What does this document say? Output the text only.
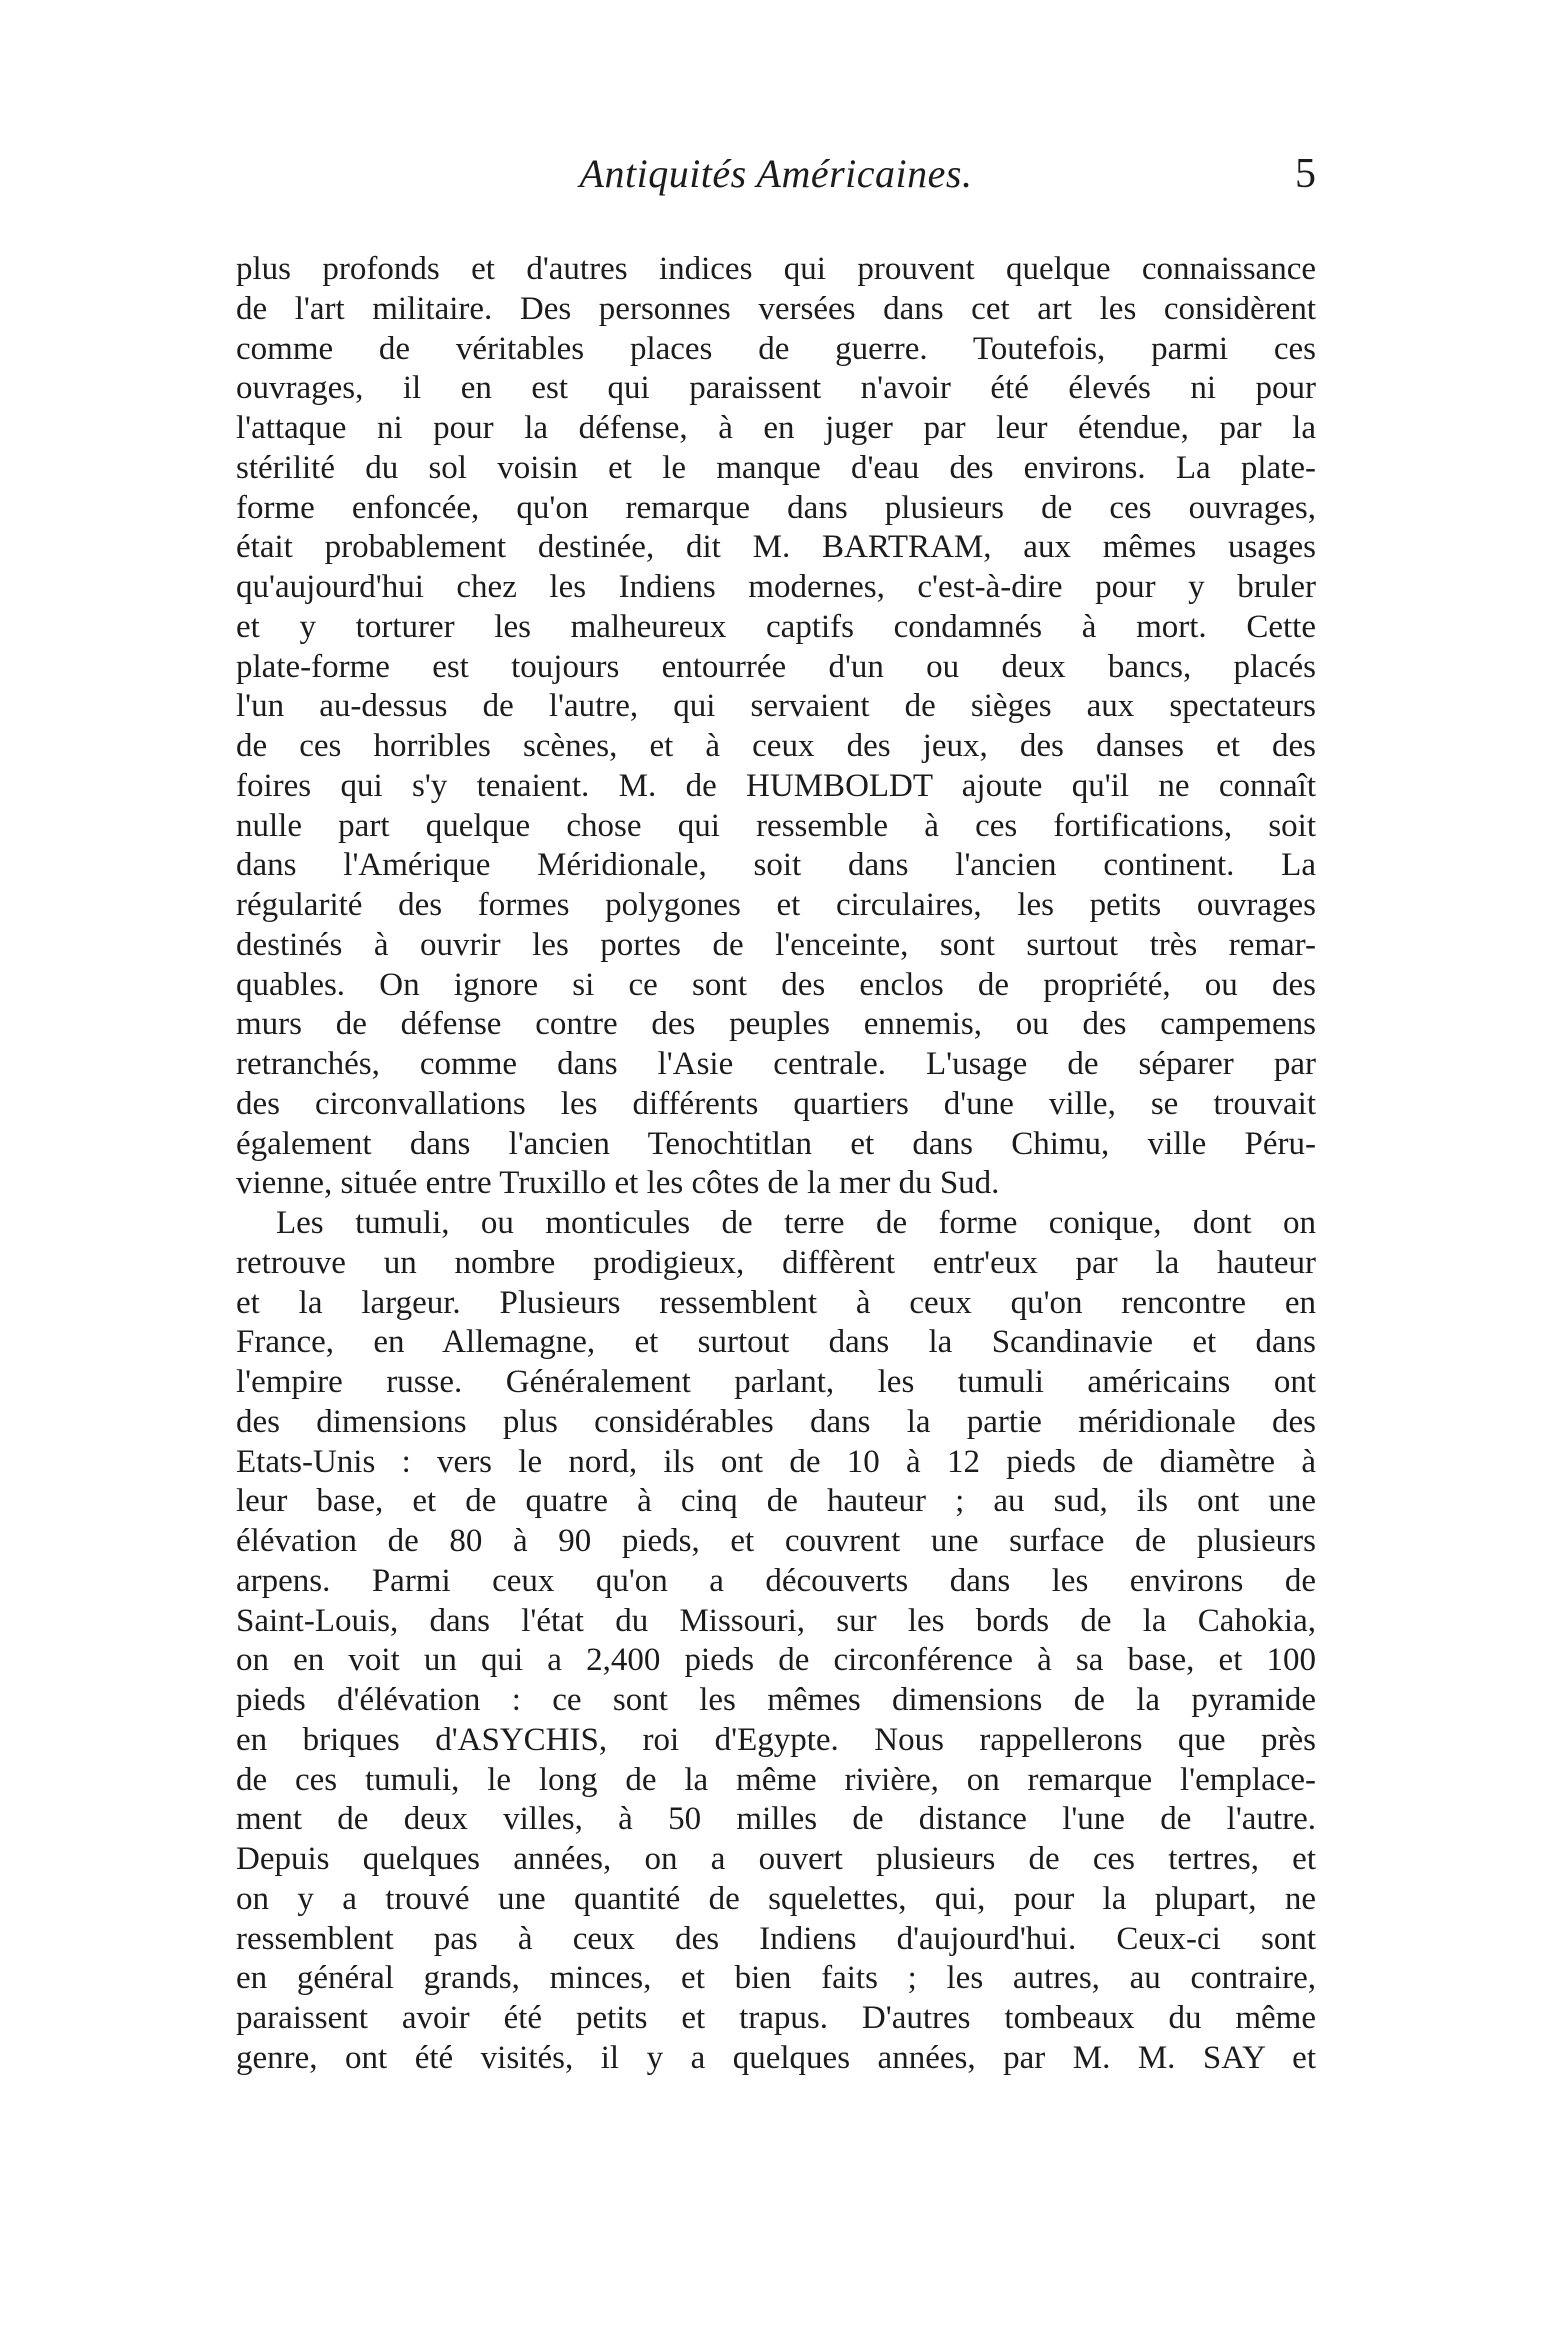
Antiquités Américaines.	5
plus profonds et d'autres indices qui prouvent quelque connaissance
de l'art militaire. Des personnes versées dans cet art les considèrent
comme de véritables places de guerre. Toutefois, parmi ces
ouvrages, il en est qui paraissent n'avoir été élevés ni pour
l'attaque ni pour la défense, à en juger par leur étendue, par la
stérilité du sol voisin et le manque d'eau des environs. La plate-
forme enfoncée, qu'on remarque dans plusieurs de ces ouvrages,
était probablement destinée, dit M. BARTRAM, aux mêmes usages
qu'aujourd'hui chez les Indiens modernes, c'est-à-dire pour y bruler
et y torturer les malheureux captifs condamnés à mort. Cette
plate-forme est toujours entourrée d'un ou deux bancs, placés
l'un au-dessus de l'autre, qui servaient de sièges aux spectateurs
de ces horribles scènes, et à ceux des jeux, des danses et des
foires qui s'y tenaient. M. de HUMBOLDT ajoute qu'il ne connaît
nulle part quelque chose qui ressemble à ces fortifications, soit
dans l'Amérique Méridionale, soit dans l'ancien continent. La
régularité des formes polygones et circulaires, les petits ouvrages
destinés à ouvrir les portes de l'enceinte, sont surtout très remar-
quables. On ignore si ce sont des enclos de propriété, ou des
murs de défense contre des peuples ennemis, ou des campemens
retranchés, comme dans l'Asie centrale. L'usage de séparer par
des circonvallations les différents quartiers d'une ville, se trouvait
également dans l'ancien Tenochtitlan et dans Chimu, ville Péru-
vienne, située entre Truxillo et les côtes de la mer du Sud.
Les tumuli, ou monticules de terre de forme conique, dont on
retrouve un nombre prodigieux, diffèrent entr'eux par la hauteur
et la largeur. Plusieurs ressemblent à ceux qu'on rencontre en
France, en Allemagne, et surtout dans la Scandinavie et dans
l'empire russe. Généralement parlant, les tumuli américains ont
des dimensions plus considérables dans la partie méridionale des
Etats-Unis : vers le nord, ils ont de 10 à 12 pieds de diamètre à
leur base, et de quatre à cinq de hauteur ; au sud, ils ont une
élévation de 80 à 90 pieds, et couvrent une surface de plusieurs
arpens. Parmi ceux qu'on a découverts dans les environs de
Saint-Louis, dans l'état du Missouri, sur les bords de la Cahokia,
on en voit un qui a 2,400 pieds de circonférence à sa base, et 100
pieds d'élévation : ce sont les mêmes dimensions de la pyramide
en briques d'ASYCHIS, roi d'Egypte. Nous rappellerons que près
de ces tumuli, le long de la même rivière, on remarque l'emplace-
ment de deux villes, à 50 milles de distance l'une de l'autre.
Depuis quelques années, on a ouvert plusieurs de ces tertres, et
on y a trouvé une quantité de squelettes, qui, pour la plupart, ne
ressemblent pas à ceux des Indiens d'aujourd'hui. Ceux-ci sont
en général grands, minces, et bien faits ; les autres, au contraire,
paraissent avoir été petits et trapus. D'autres tombeaux du même
genre, ont été visités, il y a quelques années, par M. M. SAY et
